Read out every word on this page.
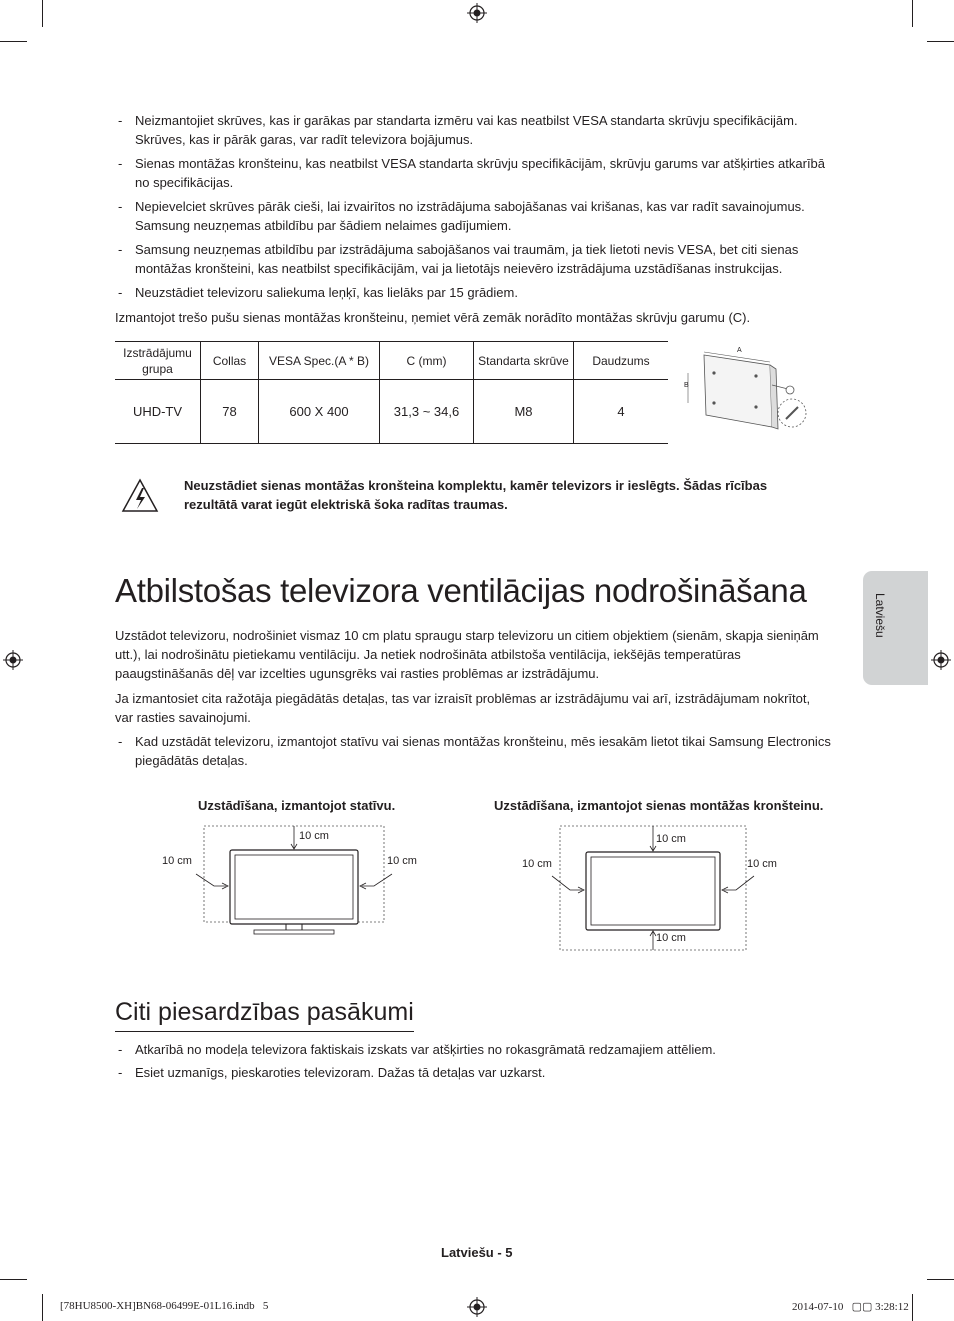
- Neizmantojiet skrūves, kas ir garākas par standarta izmēru vai kas neatbilst VESA standarta skrūvju specifikācijām. Skrūves, kas ir pārāk garas, var radīt televizora bojājumus.
- Sienas montāžas kronšteinu, kas neatbilst VESA standarta skrūvju specifikācijām, skrūvju garums var atšķirties atkarībā no specifikācijas.
- Nepievelciet skrūves pārāk cieši, lai izvairītos no izstrādājuma sabojāšanas vai krišanas, kas var radīt savainojumus. Samsung neuzņemas atbildību par šādiem nelaimes gadījumiem.
- Samsung neuzņemas atbildību par izstrādājuma sabojāšanos vai traumām, ja tiek lietoti nevis VESA, bet citi sienas montāžas kronšteini, kas neatbilst specifikācijām, vai ja lietotājs neievēro izstrādājuma uzstādīšanas instrukcijas.
- Neuzstādiet televizoru saliekuma leņķī, kas lielāks par 15 grādiem.
Izmantojot trešo pušu sienas montāžas kronšteinu, ņemiet vērā zemāk norādīto montāžas skrūvju garumu (C).
Izstrādājumu grupa	Collas	VESA Spec.(A * B)	C (mm)	Standarta skrūve	Daudzums
UHD-TV	78	600 X 400	31,3 ~ 34,6	M8	4
A
B
Neuzstādiet sienas montāžas kronšteina komplektu, kamēr televizors ir ieslēgts. Šādas rīcības rezultātā varat iegūt elektriskā šoka radītas traumas.
Atbilstošas televizora ventilācijas nodrošināšana
Uzstādot televizoru, nodrošiniet vismaz 10 cm platu spraugu starp televizoru un citiem objektiem (sienām, skapja sieniņām utt.), lai nodrošinātu pietiekamu ventilāciju. Ja netiek nodrošināta atbilstoša ventilācija, iekšējās temperatūras paaugstināšanās dēļ var izcelties ugunsgrēks vai rasties problēmas ar izstrādājumu.
Ja izmantosiet cita ražotāja piegādātās detaļas, tas var izraisīt problēmas ar izstrādājumu vai arī, izstrādājumam nokrītot, var rasties savainojumi.
- Kad uzstādāt televizoru, izmantojot statīvu vai sienas montāžas kronšteinu, mēs iesakām lietot tikai Samsung Electronics piegādātās detaļas.
Uzstādīšana, izmantojot statīvu.	Uzstādīšana, izmantojot sienas montāžas kronšteinu.
10 cm
10 cm	10 cm
10 cm
10 cm
10 cm	10 cm
Citi piesardzības pasākumi
- Atkarībā no modeļa televizora faktiskais izskats var atšķirties no rokasgrāmatā redzamajiem attēliem.
- Esiet uzmanīgs, pieskaroties televizoram. Dažas tā detaļas var uzkarst.
Latviešu
Latviešu - 5
[78HU8500-XH]BN68-06499E-01L16.indb   5	2014-07-10   ▢▢ 3:28:12
